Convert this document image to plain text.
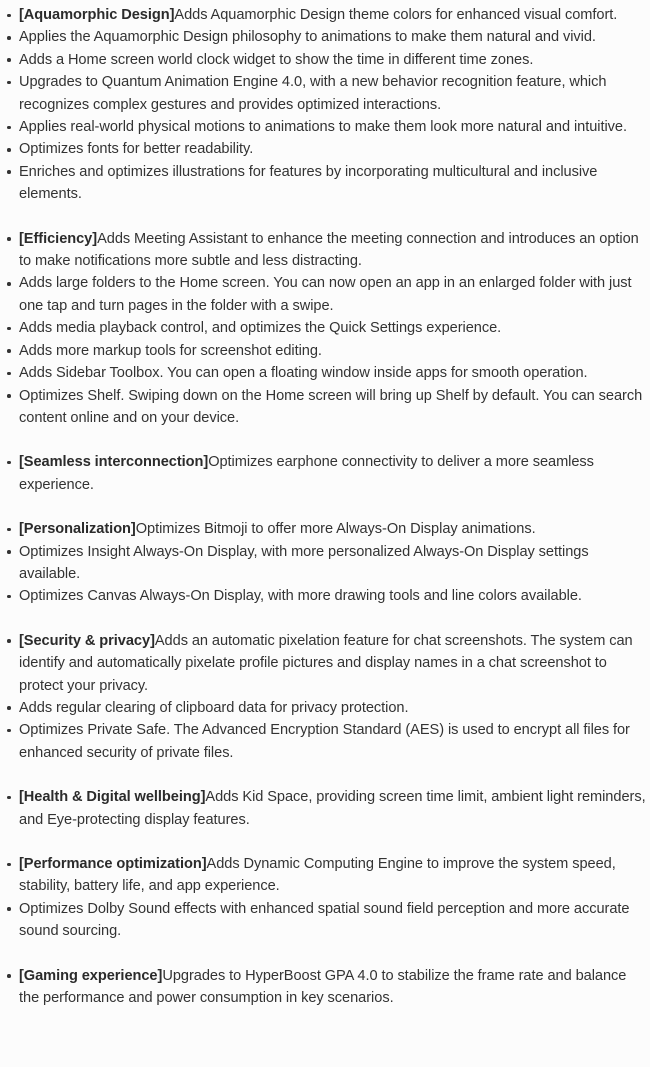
[Aquamorphic Design]Adds Aquamorphic Design theme colors for enhanced visual comfort.
Applies the Aquamorphic Design philosophy to animations to make them natural and vivid.
Adds a Home screen world clock widget to show the time in different time zones.
Upgrades to Quantum Animation Engine 4.0, with a new behavior recognition feature, which recognizes complex gestures and provides optimized interactions.
Applies real-world physical motions to animations to make them look more natural and intuitive.
Optimizes fonts for better readability.
Enriches and optimizes illustrations for features by incorporating multicultural and inclusive elements.
[Efficiency]Adds Meeting Assistant to enhance the meeting connection and introduces an option to make notifications more subtle and less distracting.
Adds large folders to the Home screen. You can now open an app in an enlarged folder with just one tap and turn pages in the folder with a swipe.
Adds media playback control, and optimizes the Quick Settings experience.
Adds more markup tools for screenshot editing.
Adds Sidebar Toolbox. You can open a floating window inside apps for smooth operation.
Optimizes Shelf. Swiping down on the Home screen will bring up Shelf by default. You can search content online and on your device.
[Seamless interconnection]Optimizes earphone connectivity to deliver a more seamless experience.
[Personalization]Optimizes Bitmoji to offer more Always-On Display animations.
Optimizes Insight Always-On Display, with more personalized Always-On Display settings available.
Optimizes Canvas Always-On Display, with more drawing tools and line colors available.
[Security & privacy]Adds an automatic pixelation feature for chat screenshots. The system can identify and automatically pixelate profile pictures and display names in a chat screenshot to protect your privacy.
Adds regular clearing of clipboard data for privacy protection.
Optimizes Private Safe. The Advanced Encryption Standard (AES) is used to encrypt all files for enhanced security of private files.
[Health & Digital wellbeing]Adds Kid Space, providing screen time limit, ambient light reminders, and Eye-protecting display features.
[Performance optimization]Adds Dynamic Computing Engine to improve the system speed, stability, battery life, and app experience.
Optimizes Dolby Sound effects with enhanced spatial sound field perception and more accurate sound sourcing.
[Gaming experience]Upgrades to HyperBoost GPA 4.0 to stabilize the frame rate and balance the performance and power consumption in key scenarios.
